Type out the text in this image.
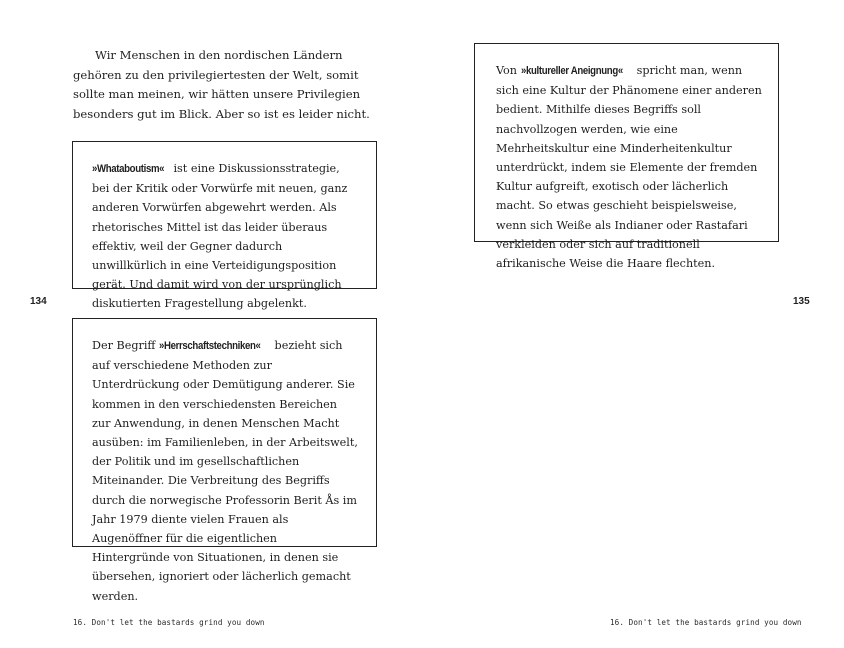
Wir Menschen in den nordischen Ländern gehören zu den privilegiertesten der Welt, somit sollte man meinen, wir hätten unsere Privilegien besonders gut im Blick. Aber so ist es leider nicht.

»Whataboutism« ist eine Diskussionsstrategie, bei der Kritik oder Vorwürfe mit neuen, ganz anderen Vorwürfen abgewehrt werden. Als rhetorisches Mittel ist das leider überaus effektiv, weil der Gegner dadurch unwillkürlich in eine Verteidigungsposition gerät. Und damit wird von der ursprünglich diskutierten Fragestellung abgelenkt.

134

Der Begriff »Herrschaftstechniken« bezieht sich auf verschiedene Methoden zur Unterdrückung oder Demütigung anderer. Sie kommen in den verschiedensten Bereichen zur Anwendung, in denen Menschen Macht ausüben: im Familienleben, in der Arbeitswelt, der Politik und im gesellschaftlichen Miteinander. Die Verbreitung des Begriffs durch die norwegische Professorin Berit Ås im Jahr 1979 diente vielen Frauen als Augenöffner für die eigentlichen Hintergründe von Situationen, in denen sie übersehen, ignoriert oder lächerlich gemacht werden.

16. Don't let the bastards grind you down

Von »kultureller Aneignung« spricht man, wenn sich eine Kultur der Phänomene einer anderen bedient. Mithilfe dieses Begriffs soll nachvollzogen werden, wie eine Mehrheitskultur eine Minderheitenkultur unterdrückt, indem sie Elemente der fremden Kultur aufgreift, exotisch oder lächerlich macht. So etwas geschieht beispielsweise, wenn sich Weiße als Indianer oder Rastafari verkleiden oder sich auf traditionell afrikanische Weise die Haare flechten.

135
16. Don't let the bastards grind you down
